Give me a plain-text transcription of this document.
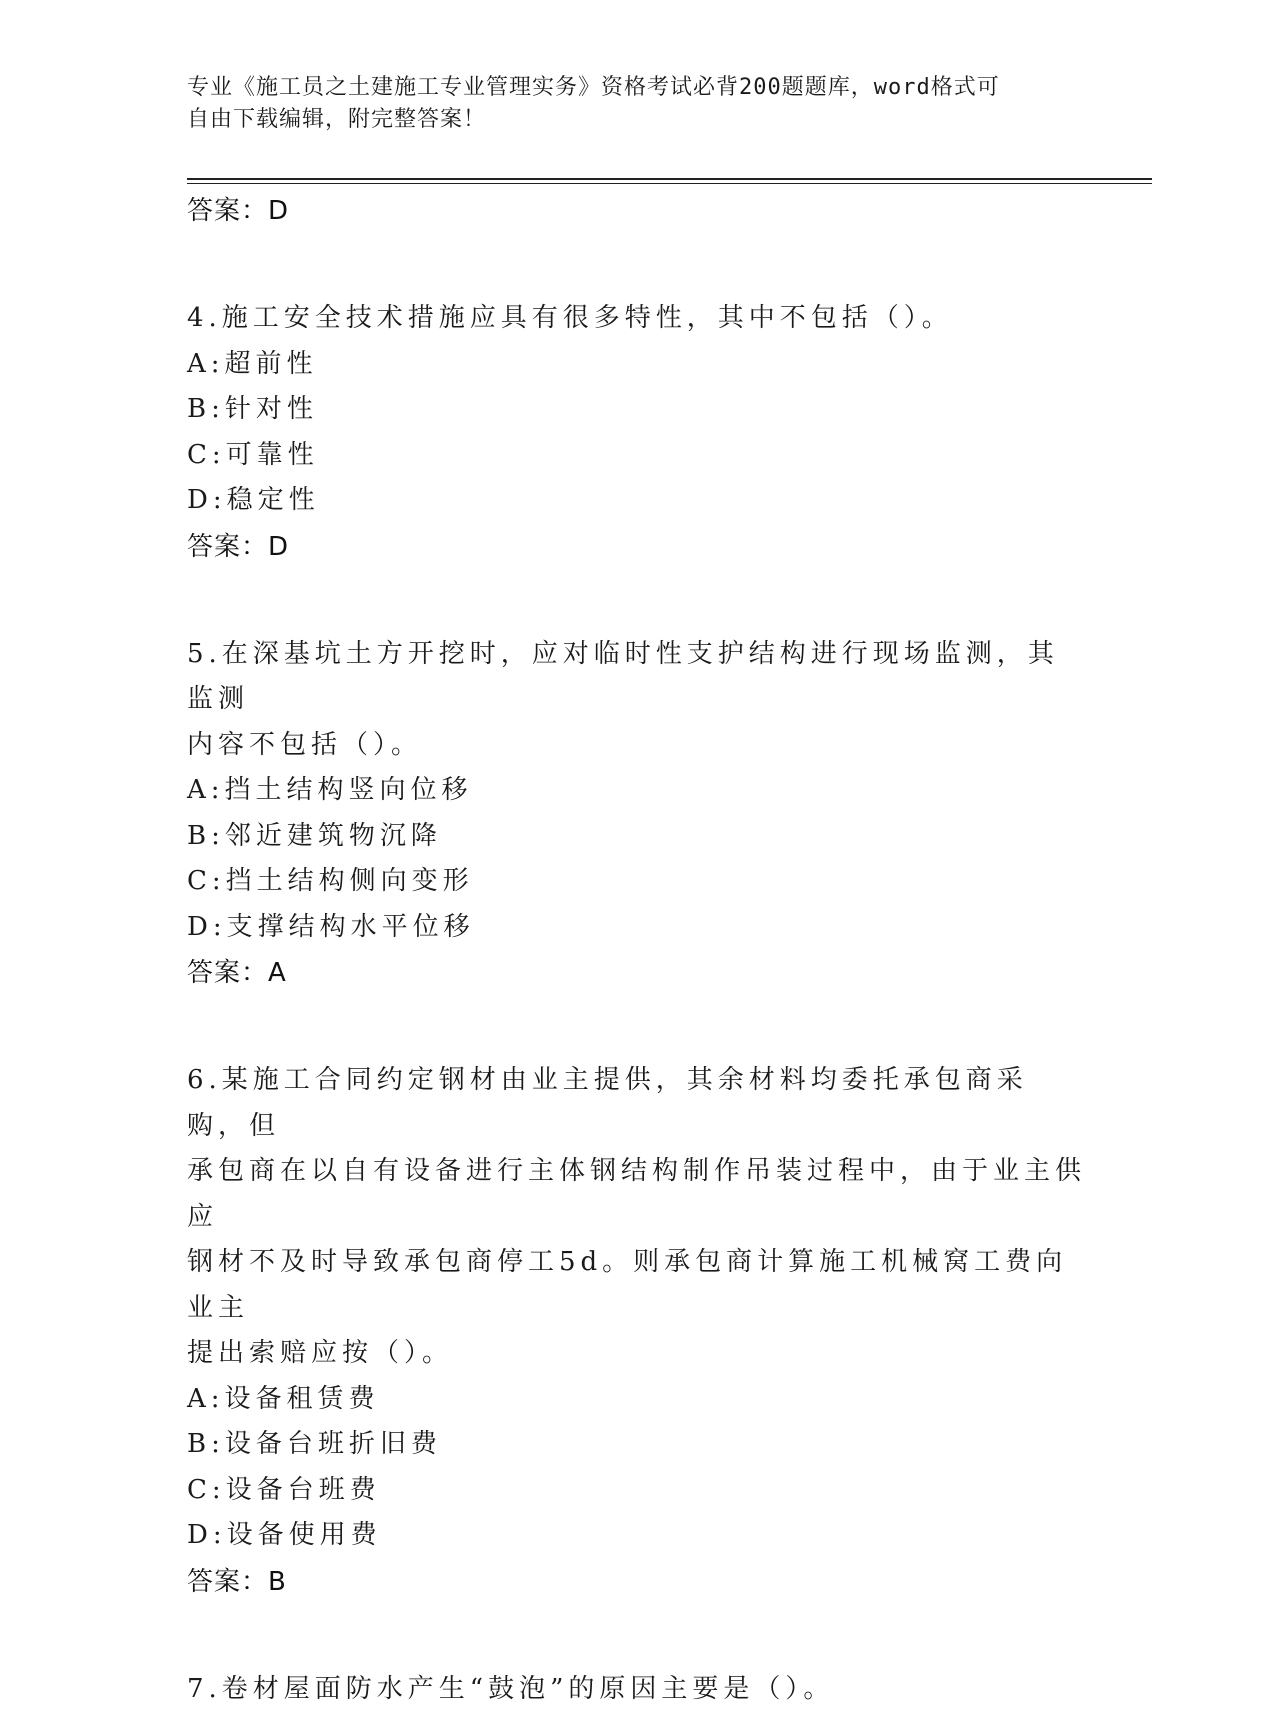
专业《施工员之土建施工专业管理实务》资格考试必背200题题库，word格式可
自由下载编辑，附完整答案！
答案：D
4.施工安全技术措施应具有很多特性，其中不包括（）。
A:超前性
B:针对性
C:可靠性
D:稳定性
答案：D
5.在深基坑土方开挖时，应对临时性支护结构进行现场监测，其监测
内容不包括（）。
A:挡土结构竖向位移
B:邻近建筑物沉降
C:挡土结构侧向变形
D:支撑结构水平位移
答案：A
6.某施工合同约定钢材由业主提供，其余材料均委托承包商采购，但
承包商在以自有设备进行主体钢结构制作吊装过程中，由于业主供应
钢材不及时导致承包商停工5d。则承包商计算施工机械窝工费向业主
提出索赔应按（）。
A:设备租赁费
B:设备台班折旧费
C:设备台班费
D:设备使用费
答案：B
7.卷材屋面防水产生“鼓泡”的原因主要是（）。
